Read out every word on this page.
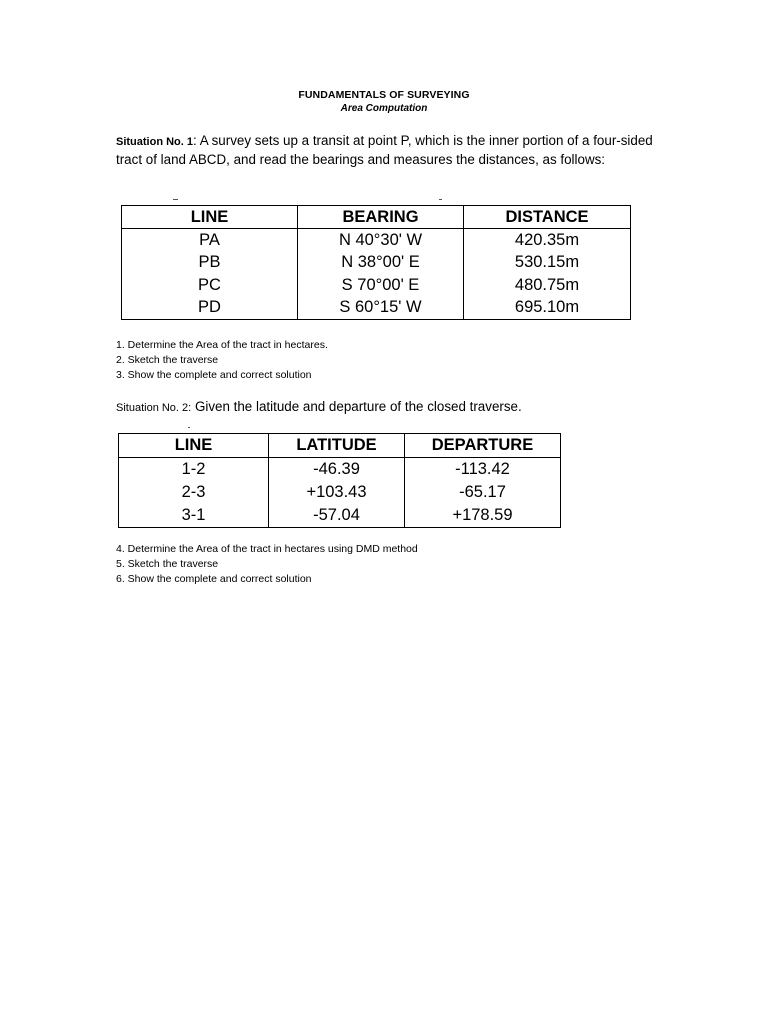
FUNDAMENTALS OF SURVEYING
Area Computation
Situation No. 1: A survey sets up a transit at point P, which is the inner portion of a four-sided tract of land ABCD, and read the bearings and measures the distances, as follows:
LINE	BEARING	DISTANCE
PA	N 40°30' W	420.35m
PB	N 38°00' E	530.15m
PC	S 70°00' E	480.75m
PD	S 60°15' W	695.10m
1. Determine the Area of the tract in hectares.
2. Sketch the traverse
3. Show the complete and correct solution
Situation No. 2: Given the latitude and departure of the closed traverse.
LINE	LATITUDE	DEPARTURE
1-2	-46.39	-113.42
2-3	+103.43	-65.17
3-1	-57.04	+178.59
4. Determine the Area of the tract in hectares using DMD method
5. Sketch the traverse
6. Show the complete and correct solution
